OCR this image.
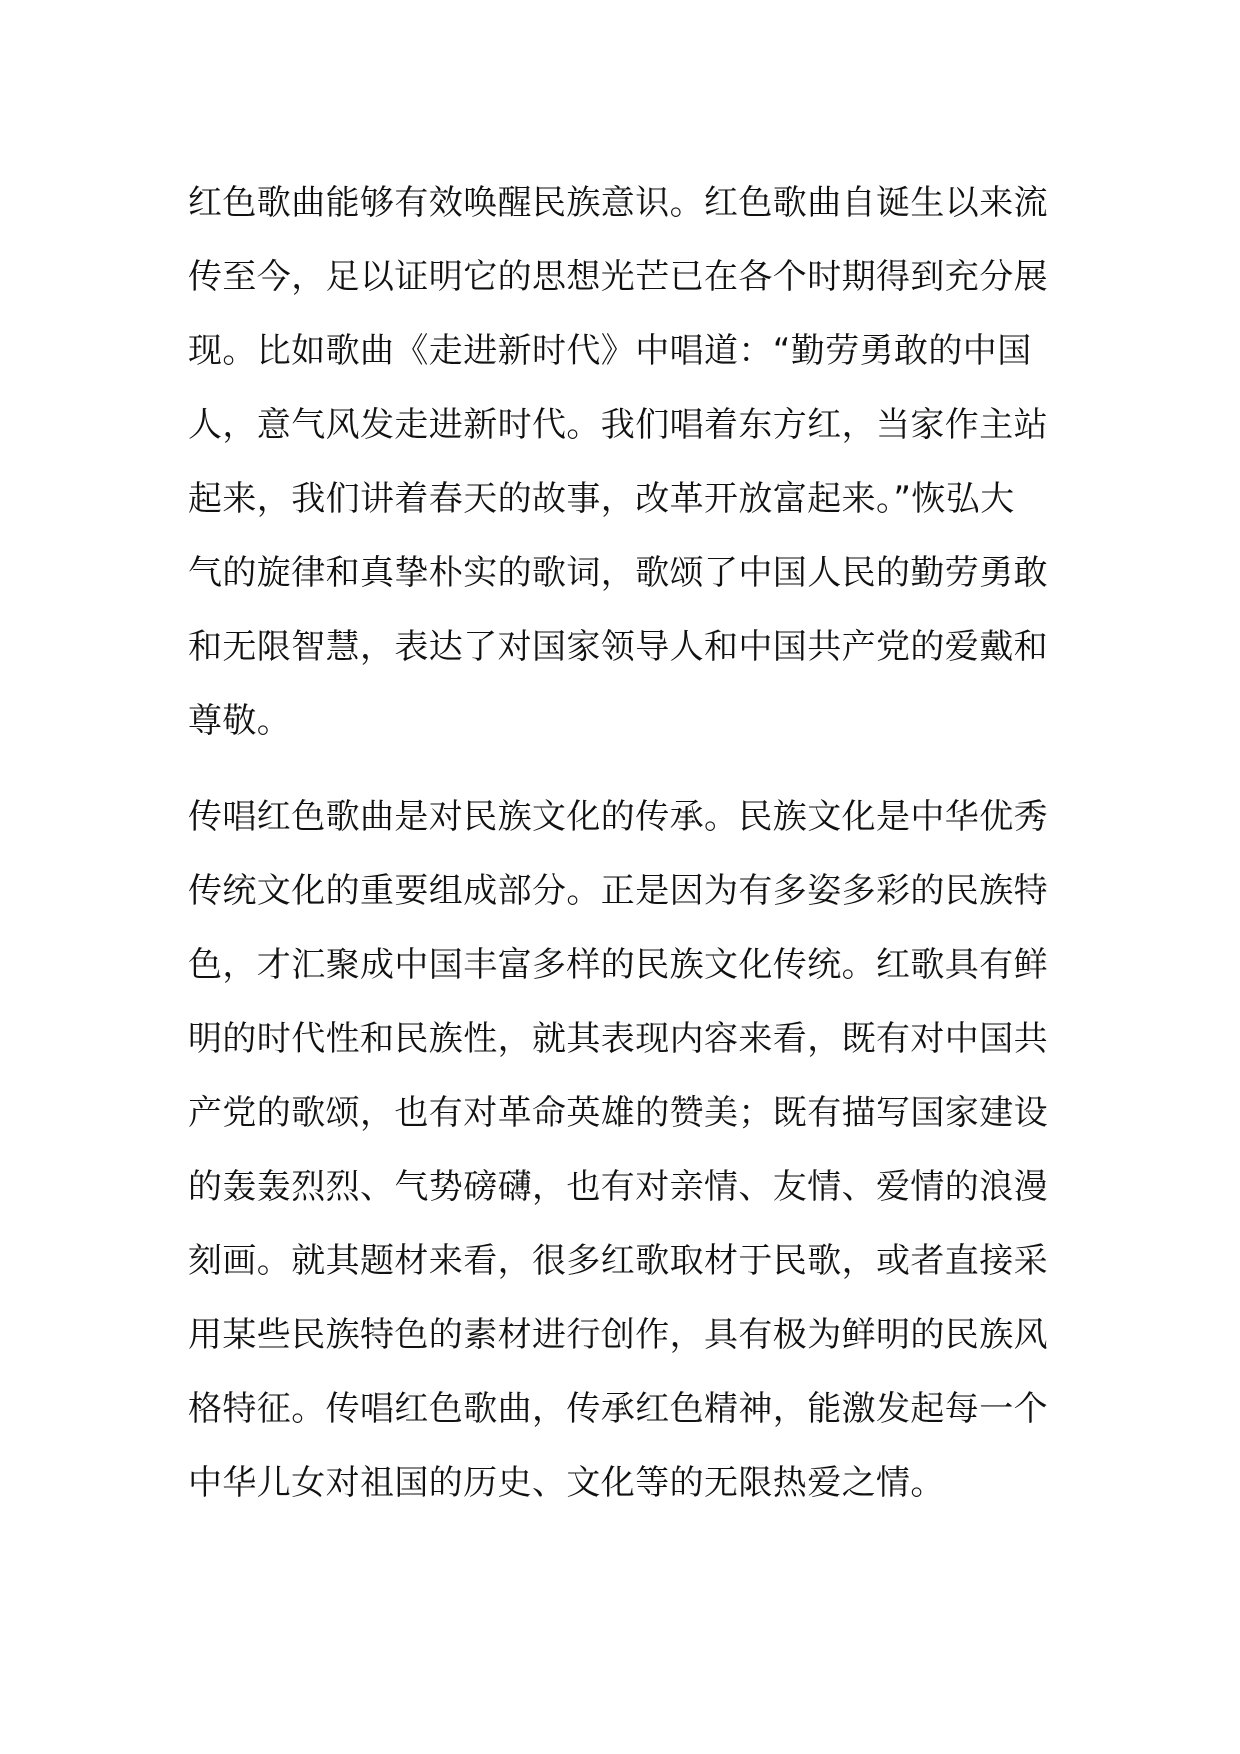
红色歌曲能够有效唤醒民族意识。红色歌曲自诞生以来流
传至今，足以证明它的思想光芒已在各个时期得到充分展
现。比如歌曲《走进新时代》中唱道：“勤劳勇敢的中国
人，意气风发走进新时代。我们唱着东方红，当家作主站
起来，我们讲着春天的故事，改革开放富起来。”恢弘大
气的旋律和真挚朴实的歌词，歌颂了中国人民的勤劳勇敢
和无限智慧，表达了对国家领导人和中国共产党的爱戴和
尊敬。

传唱红色歌曲是对民族文化的传承。民族文化是中华优秀
传统文化的重要组成部分。正是因为有多姿多彩的民族特
色，才汇聚成中国丰富多样的民族文化传统。红歌具有鲜
明的时代性和民族性，就其表现内容来看，既有对中国共
产党的歌颂，也有对革命英雄的赞美；既有描写国家建设
的轰轰烈烈、气势磅礴，也有对亲情、友情、爱情的浪漫
刻画。就其题材来看，很多红歌取材于民歌，或者直接采
用某些民族特色的素材进行创作，具有极为鲜明的民族风
格特征。传唱红色歌曲，传承红色精神，能激发起每一个
中华儿女对祖国的历史、文化等的无限热爱之情。
